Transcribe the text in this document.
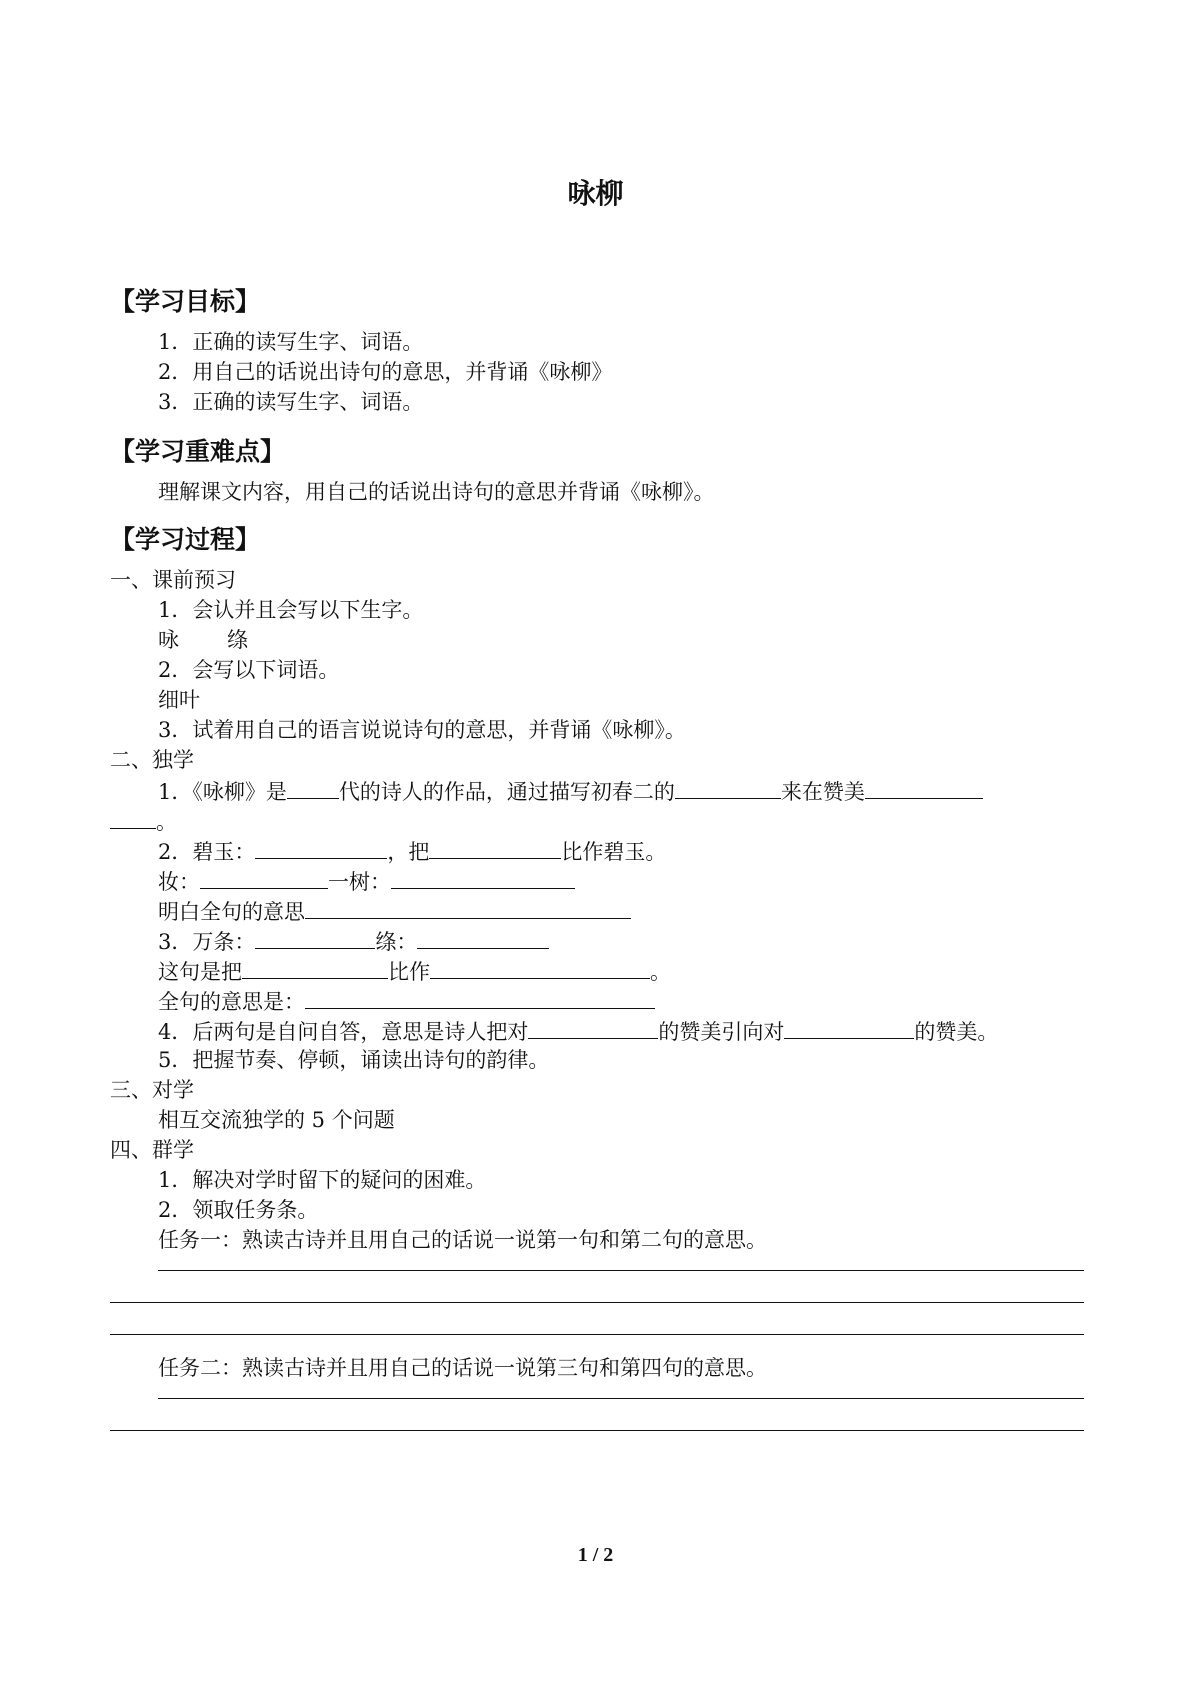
咏柳
【学习目标】
1．正确的读写生字、词语。
2．用自己的话说出诗句的意思，并背诵《咏柳》
3．正确的读写生字、词语。
【学习重难点】
理解课文内容，用自己的话说出诗句的意思并背诵《咏柳》。
【学习过程】
一、课前预习
1．会认并且会写以下生字。
咏 绦
2．会写以下词语。
细叶
3．试着用自己的语言说说诗句的意思，并背诵《咏柳》。
二、独学
1．《咏柳》是 代的诗人的作品，通过描写初春二的	来在赞美
。
2．碧玉：	，把	比作碧玉。
妆：	一树：
明白全句的意思
3．万条：	绦：
这句是把	比作	。
全句的意思是：
4．后两句是自问自答，意思是诗人把对	的赞美引向对	的赞美。
5．把握节奏、停顿，诵读出诗句的韵律。
三、对学
相互交流独学的 5 个问题
四、群学
1．解决对学时留下的疑问的困难。
2．领取任务条。
任务一：熟读古诗并且用自己的话说一说第一句和第二句的意思。
任务二：熟读古诗并且用自己的话说一说第三句和第四句的意思。
1 / 2
